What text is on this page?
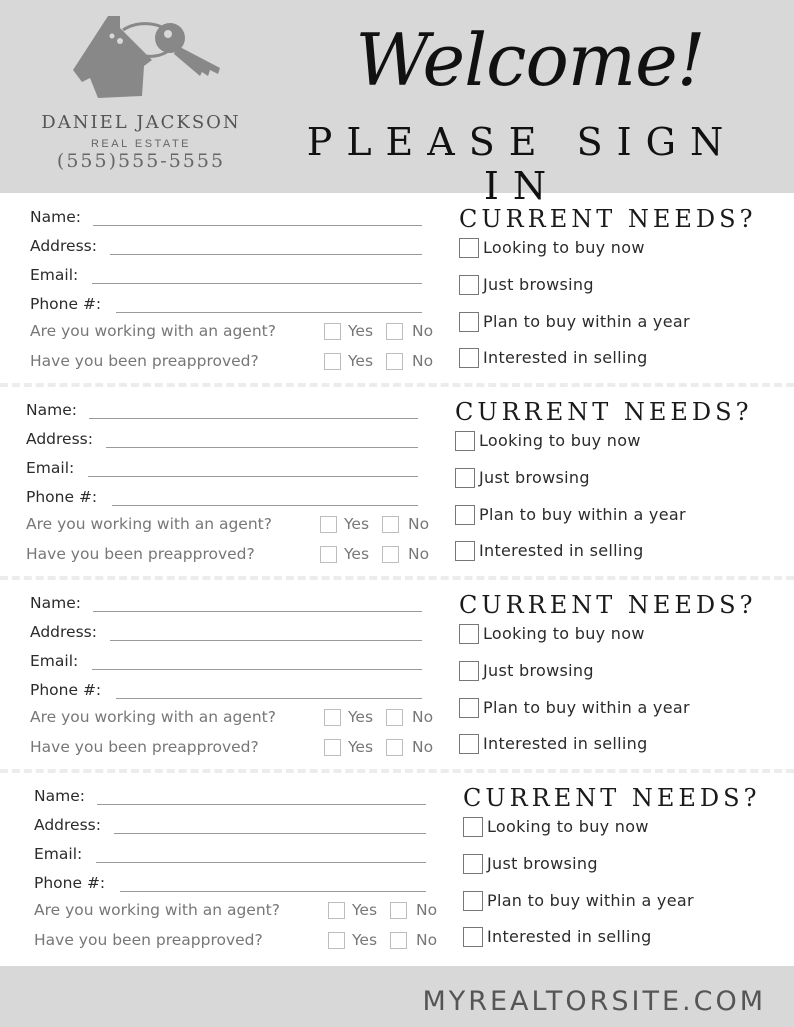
DANIEL JACKSON
REAL ESTATE
(555)555-5555
Welcome!
PLEASE SIGN IN
Name:
Address:
Email:
Phone #:
Are you working with an agent?	Yes	No
Have you been preapproved?	Yes	No
CURRENT NEEDS?
Looking to buy now
Just browsing
Plan to buy within a year
Interested in selling
Name:
Address:
Email:
Phone #:
Are you working with an agent?	Yes	No
Have you been preapproved?	Yes	No
CURRENT NEEDS?
Looking to buy now
Just browsing
Plan to buy within a year
Interested in selling
Name:
Address:
Email:
Phone #:
Are you working with an agent?	Yes	No
Have you been preapproved?	Yes	No
CURRENT NEEDS?
Looking to buy now
Just browsing
Plan to buy within a year
Interested in selling
Name:
Address:
Email:
Phone #:
Are you working with an agent?	Yes	No
Have you been preapproved?	Yes	No
CURRENT NEEDS?
Looking to buy now
Just browsing
Plan to buy within a year
Interested in selling
MYREALTORSITE.COM
